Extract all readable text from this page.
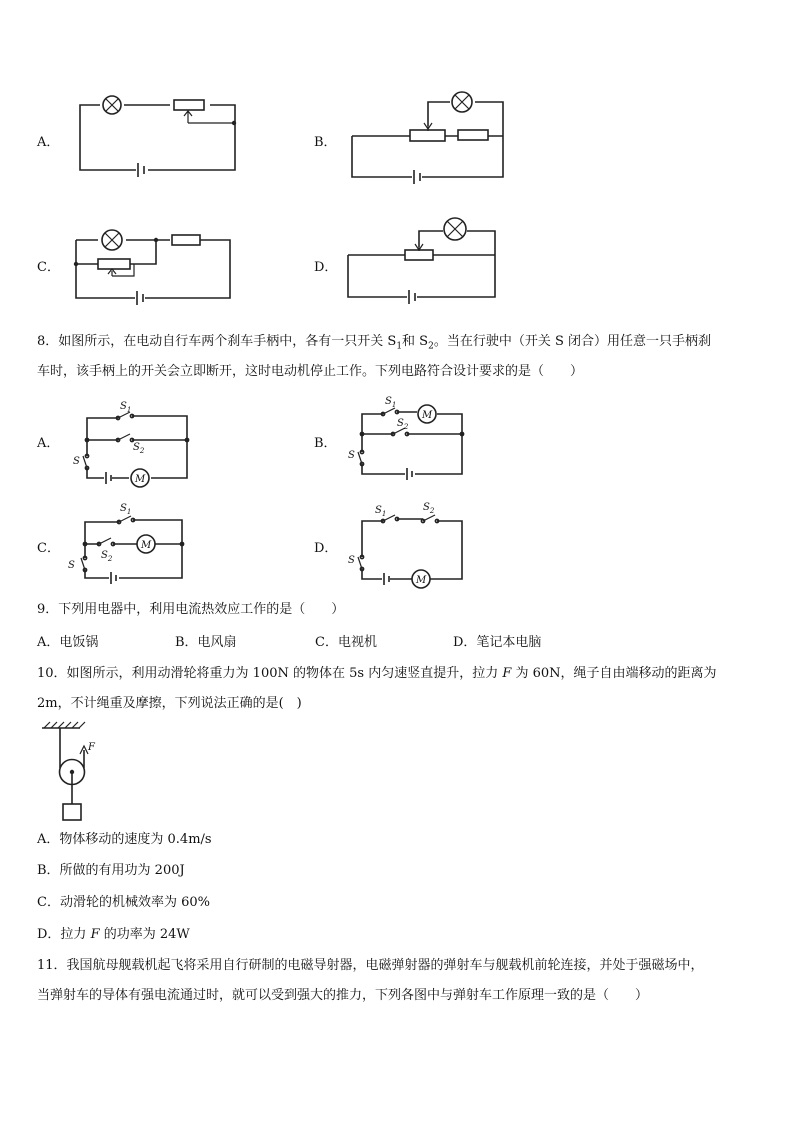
A．	B．
C．	D．
8．如图所示，在电动自行车两个刹车手柄中，各有一只开关 $S_1$和 $S_2$。当在行驶中（开关 S 闭合）用任意一只手柄刹
车时，该手柄上的开关会立即断开，这时电动机停止工作。下列电路符合设计要求的是（　　）
A．
M
$S_1$
$S_2$
S
B．
M
$S_1$
$S_2$
S
C．	M
$S_1$
$S_2$
S
D．
M
$S_1$
$S_2$
S
9．下列用电器中，利用电流热效应工作的是（　　）
A．电饭锅	B．电风扇	C．电视机	D．笔记本电脑
10．如图所示，利用动滑轮将重力为 100N 的物体在 5s 内匀速竖直提升，拉力 F 为 60N，绳子自由端移动的距离为
2m，不计绳重及摩擦，下列说法正确的是(　)
F
A．物体移动的速度为 0.4m/s
B．所做的有用功为 200J
C．动滑轮的机械效率为 60%
D．拉力 F 的功率为 24W
11．我国航母舰载机起飞将采用自行研制的电磁导射器，电磁弹射器的弹射车与舰载机前轮连接，并处于强磁场中，
当弹射车的导体有强电流通过时，就可以受到强大的推力，下列各图中与弹射车工作原理一致的是（　　）
